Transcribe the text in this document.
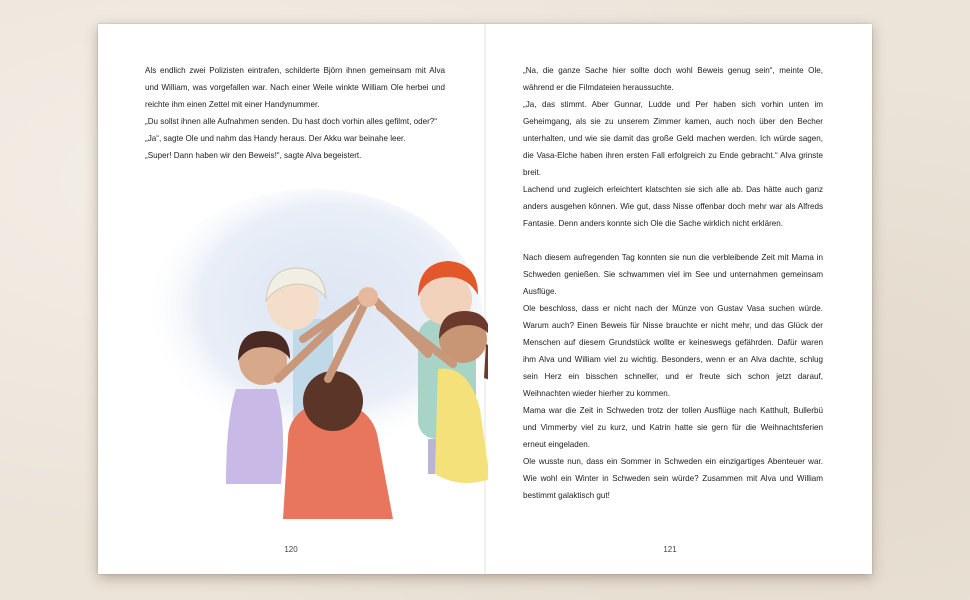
Als endlich zwei Polizisten eintrafen, schilderte Björn ihnen gemeinsam mit Alva und William, was vorgefallen war. Nach einer Weile winkte William Ole herbei und reichte ihm einen Zettel mit einer Handynummer.

„Du sollst ihnen alle Aufnahmen senden. Du hast doch vorhin alles gefilmt, oder?“

„Ja“, sagte Ole und nahm das Handy heraus. Der Akku war beinahe leer.

„Super! Dann haben wir den Beweis!“, sagte Alva begeistert.

120

„Na, die ganze Sache hier sollte doch wohl Beweis genug sein“, meinte Ole, während er die Filmdateien heraussuchte.

„Ja, das stimmt. Aber Gunnar, Ludde und Per haben sich vorhin unten im Geheimgang, als sie zu unserem Zimmer kamen, auch noch über den Becher unterhalten, und wie sie damit das große Geld machen werden. Ich würde sagen, die Vasa-Elche haben ihren ersten Fall erfolgreich zu Ende gebracht.“ Alva grinste breit.

Lachend und zugleich erleichtert klatschten sie sich alle ab. Das hätte auch ganz anders ausgehen können. Wie gut, dass Nisse offenbar doch mehr war als Alfreds Fantasie. Denn anders konnte sich Ole die Sache wirklich nicht erklären.

Nach diesem aufregenden Tag konnten sie nun die verbleibende Zeit mit Mama in Schweden genießen. Sie schwammen viel im See und unternahmen gemeinsam Ausflüge.

Ole beschloss, dass er nicht nach der Münze von Gustav Vasa suchen würde. Warum auch? Einen Beweis für Nisse brauchte er nicht mehr, und das Glück der Menschen auf diesem Grundstück wollte er keineswegs gefährden. Dafür waren ihm Alva und William viel zu wichtig. Besonders, wenn er an Alva dachte, schlug sein Herz ein bisschen schneller, und er freute sich schon jetzt darauf, Weihnachten wieder hierher zu kommen.

Mama war die Zeit in Schweden trotz der tollen Ausflüge nach Katthult, Bullerbü und Vimmerby viel zu kurz, und Katrin hatte sie gern für die Weihnachtsferien erneut eingeladen.

Ole wusste nun, dass ein Sommer in Schweden ein einzigartiges Abenteuer war. Wie wohl ein Winter in Schweden sein würde? Zusammen mit Alva und William bestimmt galaktisch gut!

121
